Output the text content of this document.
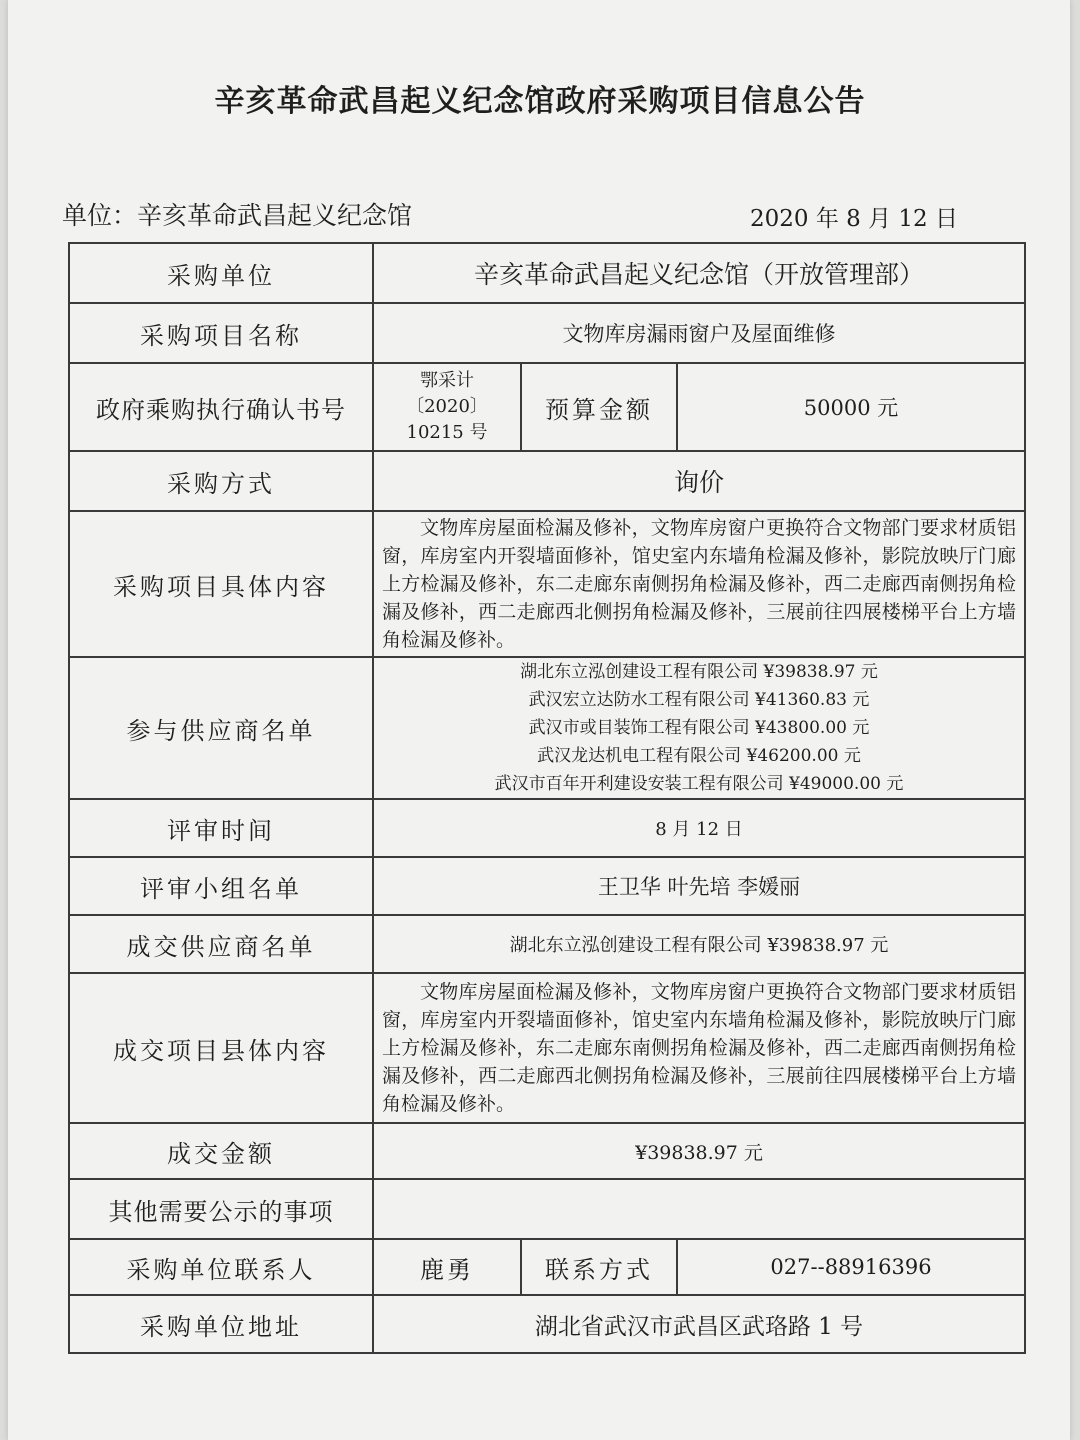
辛亥革命武昌起义纪念馆政府采购项目信息公告
单位：辛亥革命武昌起义纪念馆	2020 年 8 月 12 日
采购单位	辛亥革命武昌起义纪念馆（开放管理部）		
采购项目名称	文物库房漏雨窗户及屋面维修		
政府乘购执行确认书号	鄂采计
〔2020〕
10215 号	预算金额	50000 元
采购方式	询价		
采购项目具体内容	文物库房屋面检漏及修补，文物库房窗户更换符合文物部门要求材质铝窗，库房室内开裂墙面修补，馆史室内东墙角检漏及修补，影院放映厅门廊上方检漏及修补，东二走廊东南侧拐角检漏及修补，西二走廊西南侧拐角检漏及修补，西二走廊西北侧拐角检漏及修补，三展前往四展楼梯平台上方墙角检漏及修补。		
参与供应商名单	湖北东立泓创建设工程有限公司 ¥39838.97 元
武汉宏立达防水工程有限公司 ¥41360.83 元
武汉市或目装饰工程有限公司 ¥43800.00 元
武汉龙达机电工程有限公司 ¥46200.00 元
武汉市百年开利建设安装工程有限公司 ¥49000.00 元		

评审时间	8 月 12 日		
评审小组名单	王卫华 叶先培 李媛丽		
成交供应商名单	湖北东立泓创建设工程有限公司 ¥39838.97 元		
成交项目县体内容	文物库房屋面检漏及修补，文物库房窗户更换符合文物部门要求材质铝窗，库房室内开裂墙面修补，馆史室内东墙角检漏及修补，影院放映厅门廊上方检漏及修补，东二走廊东南侧拐角检漏及修补，西二走廊西南侧拐角检漏及修补，西二走廊西北侧拐角检漏及修补，三展前往四展楼梯平台上方墙角检漏及修补。		
成交金额	¥39838.97 元		
其他需要公示的事项			
采购单位联系人	鹿勇	联系方式	027--88916396
采购单位地址	湖北省武汉市武昌区武珞路 1 号		
